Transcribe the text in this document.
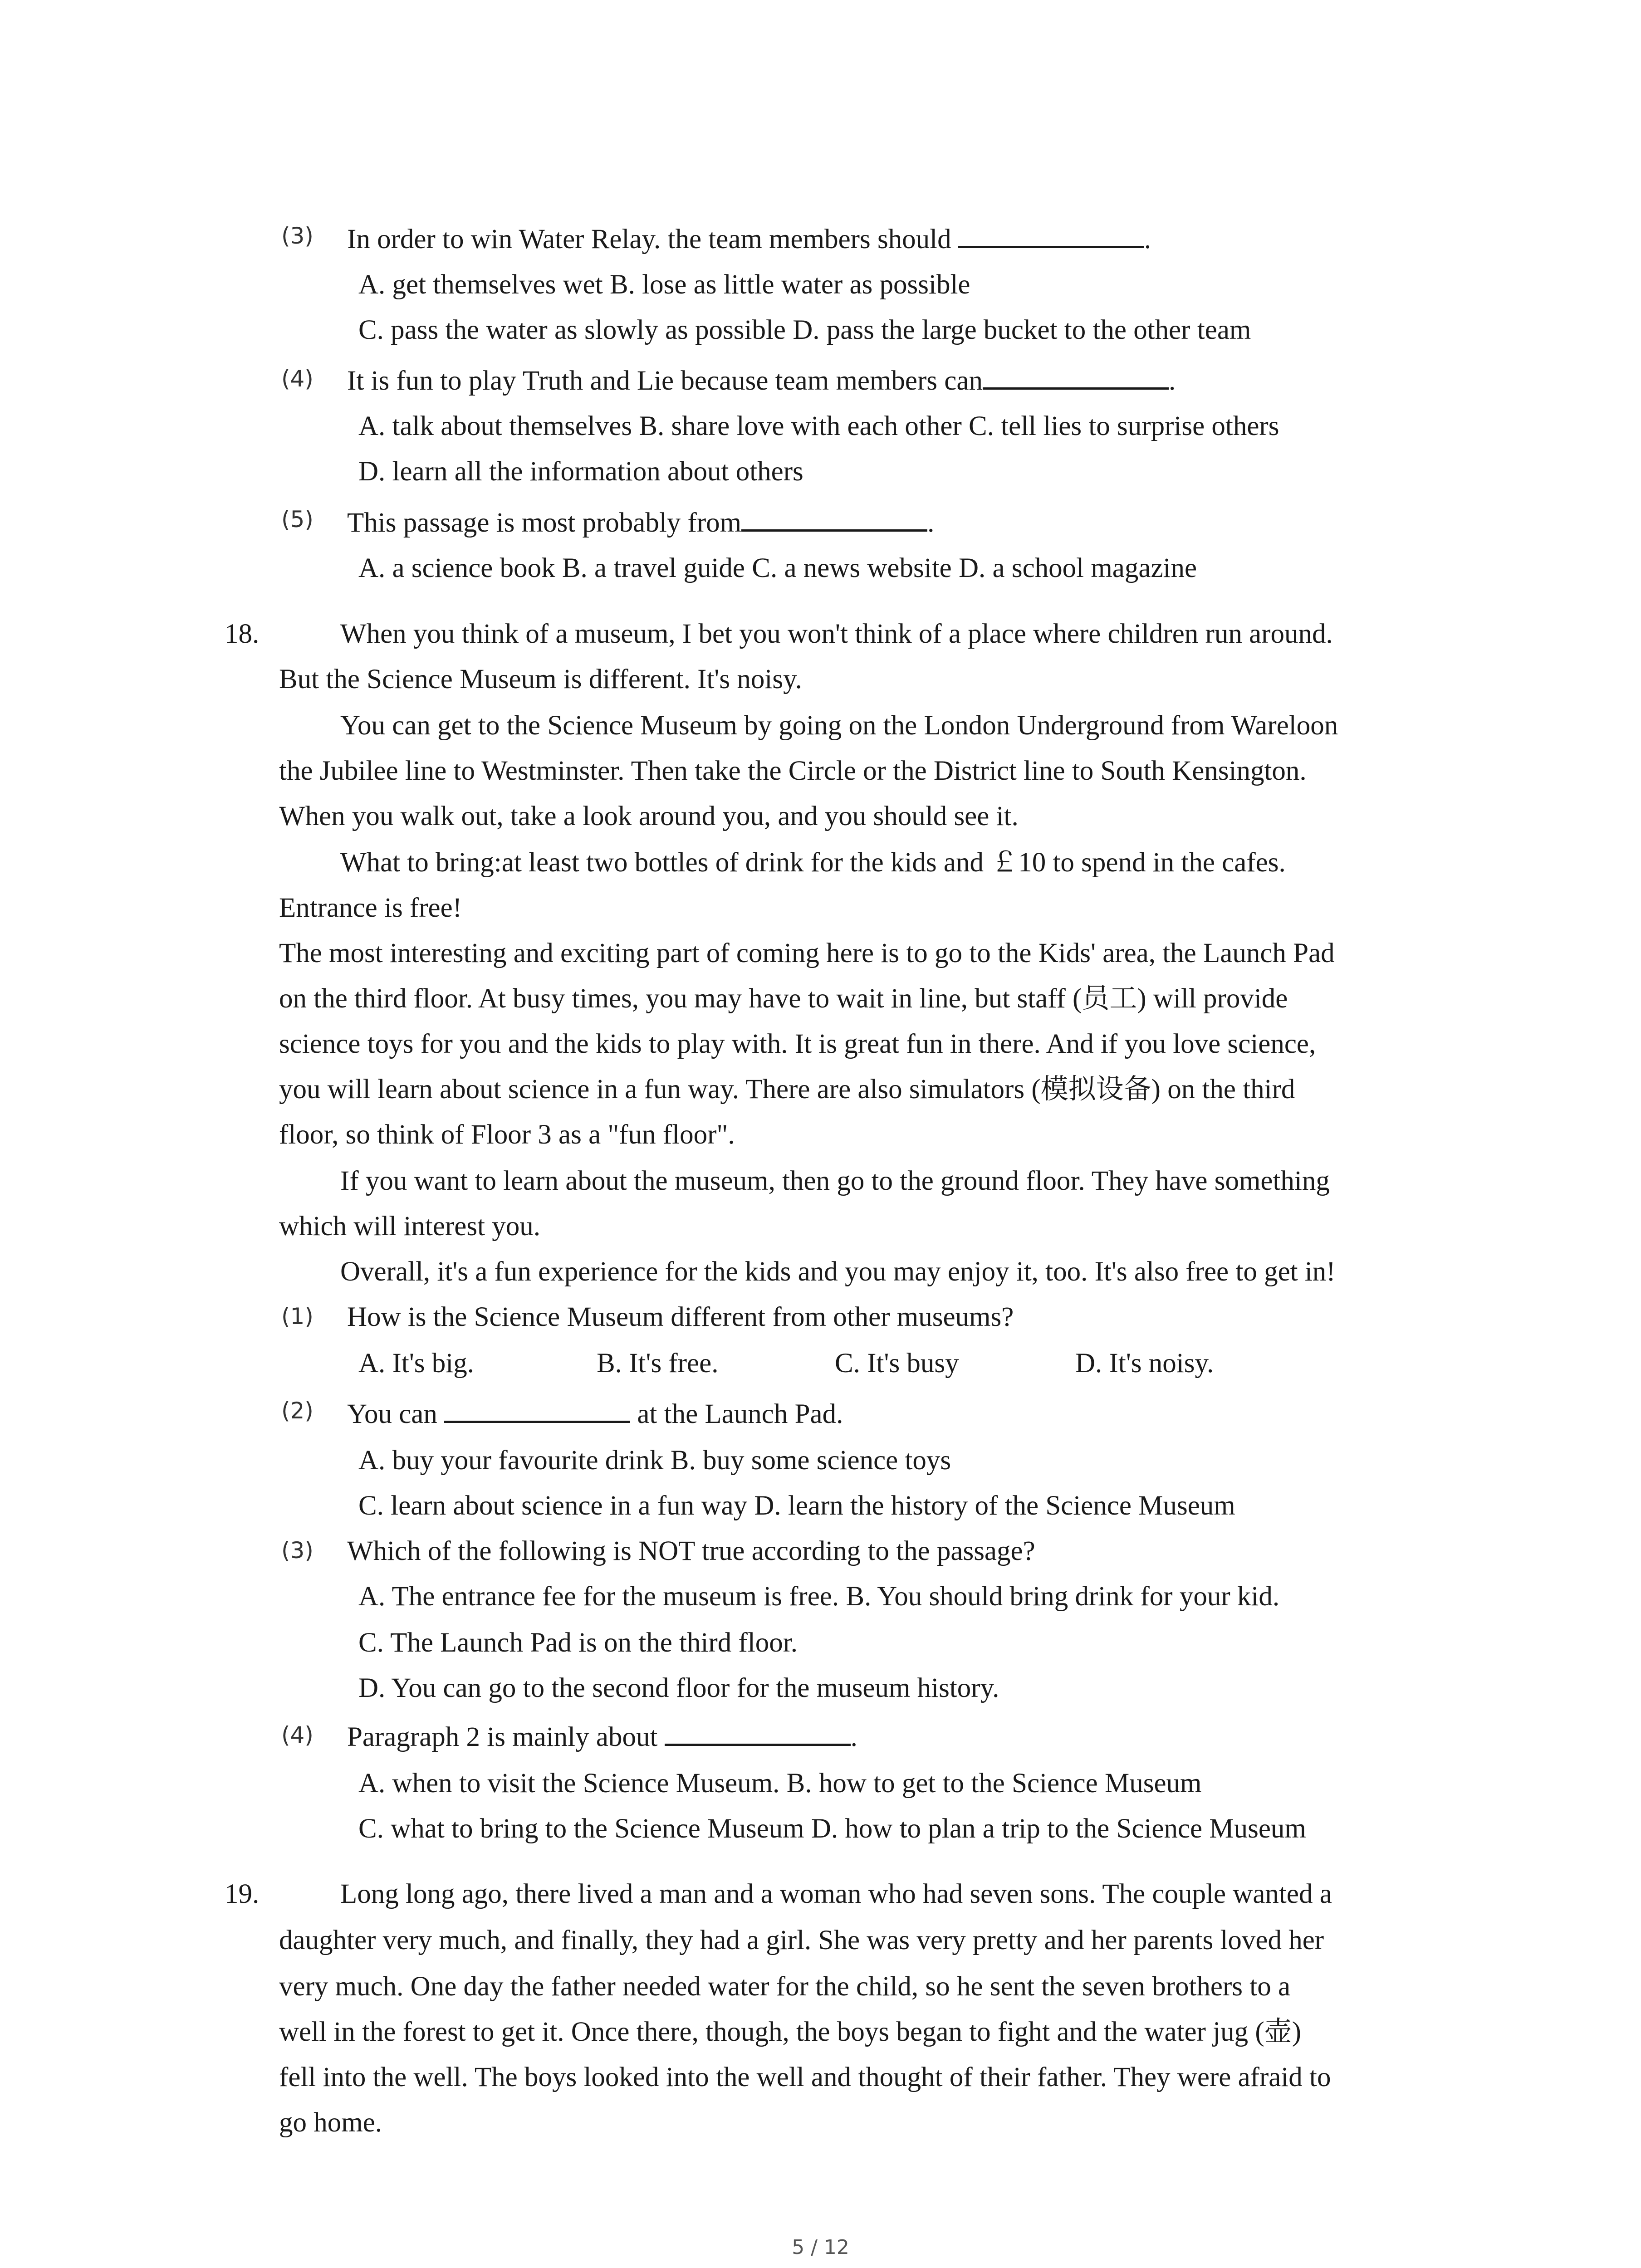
(3) In order to win Water Relay. the team members should	.
A. get themselves wet B. lose as little water as possible
C. pass the water as slowly as possible D. pass the large bucket to the other team
(4) It is fun to play Truth and Lie because team members can	.
A. talk about themselves B. share love with each other C. tell lies to surprise others
D. learn all the information about others
(5) This passage is most probably from	.
A. a science book B. a travel guide C. a news website D. a school magazine
18.	When you think of a museum, I bet you won't think of a place where children run around.
But the Science Museum is different. It's noisy.
You can get to the Science Museum by going on the London Underground from Wareloon
the Jubilee line to Westminster. Then take the Circle or the District line to South Kensington.
When you walk out, take a look around you, and you should see it.
What to bring:at least two bottles of drink for the kids and ￡10 to spend in the cafes.
Entrance is free!
The most interesting and exciting part of coming here is to go to the Kids' area, the Launch Pad
on the third floor. At busy times, you may have to wait in line, but staff (员工) will provide
science toys for you and the kids to play with. It is great fun in there. And if you love science,
you will learn about science in a fun way. There are also simulators (模拟设备) on the third
floor, so think of Floor 3 as a "fun floor".
If you want to learn about the museum, then go to the ground floor. They have something
which will interest you.
Overall, it's a fun experience for the kids and you may enjoy it, too. It's also free to get in!
(1) How is the Science Museum different from other museums?
A. It's big.	B. It's free.	C. It's busy	D. It's noisy.
(2) You can	at the Launch Pad.
A. buy your favourite drink B. buy some science toys
C. learn about science in a fun way D. learn the history of the Science Museum
(3) Which of the following is NOT true according to the passage?
A. The entrance fee for the museum is free. B. You should bring drink for your kid.
C. The Launch Pad is on the third floor.
D. You can go to the second floor for the museum history.
(4) Paragraph 2 is mainly about	.
A. when to visit the Science Museum. B. how to get to the Science Museum
C. what to bring to the Science Museum D. how to plan a trip to the Science Museum
19.	Long long ago, there lived a man and a woman who had seven sons. The couple wanted a
daughter very much, and finally, they had a girl. She was very pretty and her parents loved her
very much. One day the father needed water for the child, so he sent the seven brothers to a
well in the forest to get it. Once there, though, the boys began to fight and the water jug (壶)
fell into the well. The boys looked into the well and thought of their father. They were afraid to
go home.
5 / 12
